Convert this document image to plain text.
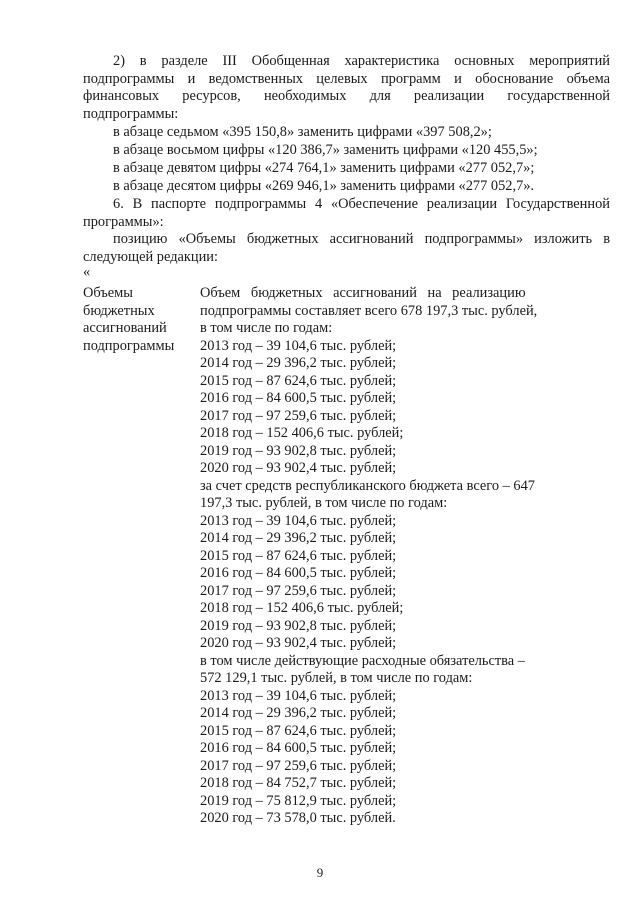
2) в разделе III Обобщенная характеристика основных мероприятий подпрограммы и ведомственных целевых программ и обоснование объема финансовых ресурсов, необходимых для реализации государственной подпрограммы:

в абзаце седьмом «395 150,8» заменить цифрами «397 508,2»;

в абзаце восьмом цифры «120 386,7» заменить цифрами «120 455,5»;

в абзаце девятом цифры «274 764,1» заменить цифрами «277 052,7»;

в абзаце десятом цифры «269 946,1» заменить цифрами «277 052,7».

6. В паспорте подпрограммы 4 «Обеспечение реализации Государственной программы»:

позицию «Объемы бюджетных ассигнований подпрограммы» изложить в следующей редакции:

«

Объемы
бюджетных
ассигнований
подпрограммы
Объем бюджетных ассигнований на реализацию
подпрограммы составляет всего 678 197,3 тыс. рублей,
в том числе по годам:
2013 год – 39 104,6 тыс. рублей;
2014 год – 29 396,2 тыс. рублей;
2015 год – 87 624,6 тыс. рублей;
2016 год – 84 600,5 тыс. рублей;
2017 год – 97 259,6 тыс. рублей;
2018 год – 152 406,6 тыс. рублей;
2019 год – 93 902,8 тыс. рублей;
2020 год – 93 902,4 тыс. рублей;
за счет средств республиканского бюджета всего – 647
197,3 тыс. рублей, в том числе по годам:
2013 год – 39 104,6 тыс. рублей;
2014 год – 29 396,2 тыс. рублей;
2015 год – 87 624,6 тыс. рублей;
2016 год – 84 600,5 тыс. рублей;
2017 год – 97 259,6 тыс. рублей;
2018 год – 152 406,6 тыс. рублей;
2019 год – 93 902,8 тыс. рублей;
2020 год – 93 902,4 тыс. рублей;
в том числе действующие расходные обязательства –
572 129,1 тыс. рублей, в том числе по годам:
2013 год – 39 104,6 тыс. рублей;
2014 год – 29 396,2 тыс. рублей;
2015 год – 87 624,6 тыс. рублей;
2016 год – 84 600,5 тыс. рублей;
2017 год – 97 259,6 тыс. рублей;
2018 год – 84 752,7 тыс. рублей;
2019 год – 75 812,9 тыс. рублей;
2020 год – 73 578,0 тыс. рублей.
9
